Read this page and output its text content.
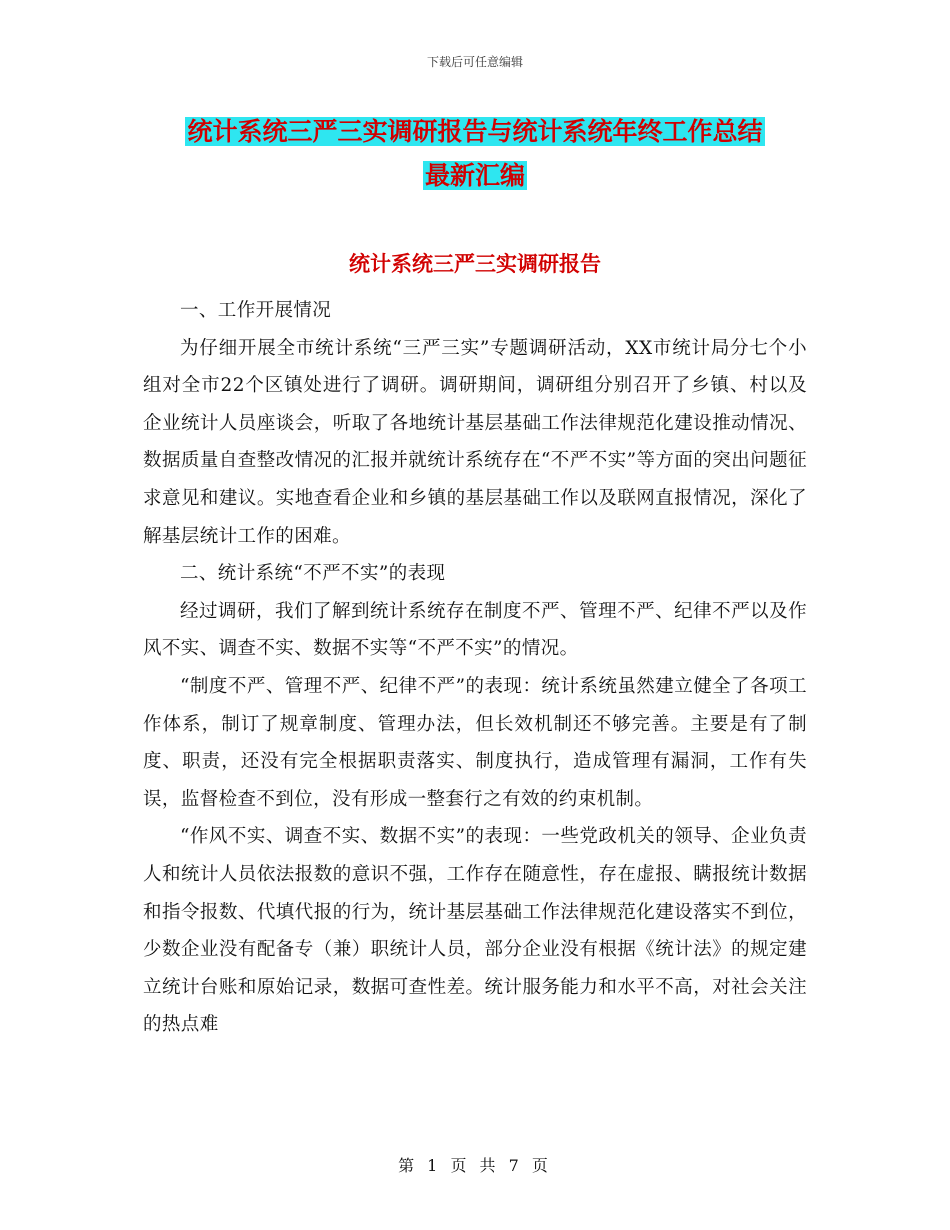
下载后可任意编辑
统计系统三严三实调研报告与统计系统年终工作总结
最新汇编
统计系统三严三实调研报告

一、工作开展情况

为仔细开展全市统计系统“三严三实”专题调研活动，XX市统计局分七个小组对全市22个区镇处进行了调研。调研期间，调研组分别召开了乡镇、村以及企业统计人员座谈会，听取了各地统计基层基础工作法律规范化建设推动情况、数据质量自查整改情况的汇报并就统计系统存在“不严不实”等方面的突出问题征求意见和建议。实地查看企业和乡镇的基层基础工作以及联网直报情况，深化了解基层统计工作的困难。

二、统计系统“不严不实”的表现

经过调研，我们了解到统计系统存在制度不严、管理不严、纪律不严以及作风不实、调查不实、数据不实等“不严不实”的情况。

“制度不严、管理不严、纪律不严”的表现：统计系统虽然建立健全了各项工作体系，制订了规章制度、管理办法，但长效机制还不够完善。主要是有了制度、职责，还没有完全根据职责落实、制度执行，造成管理有漏洞，工作有失误，监督检查不到位，没有形成一整套行之有效的约束机制。

“作风不实、调查不实、数据不实”的表现：一些党政机关的领导、企业负责人和统计人员依法报数的意识不强，工作存在随意性，存在虚报、瞒报统计数据和指令报数、代填代报的行为，统计基层基础工作法律规范化建设落实不到位，少数企业没有配备专（兼）职统计人员，部分企业没有根据《统计法》的规定建立统计台账和原始记录，数据可查性差。统计服务能力和水平不高，对社会关注的热点难

第 1 页 共 7 页
